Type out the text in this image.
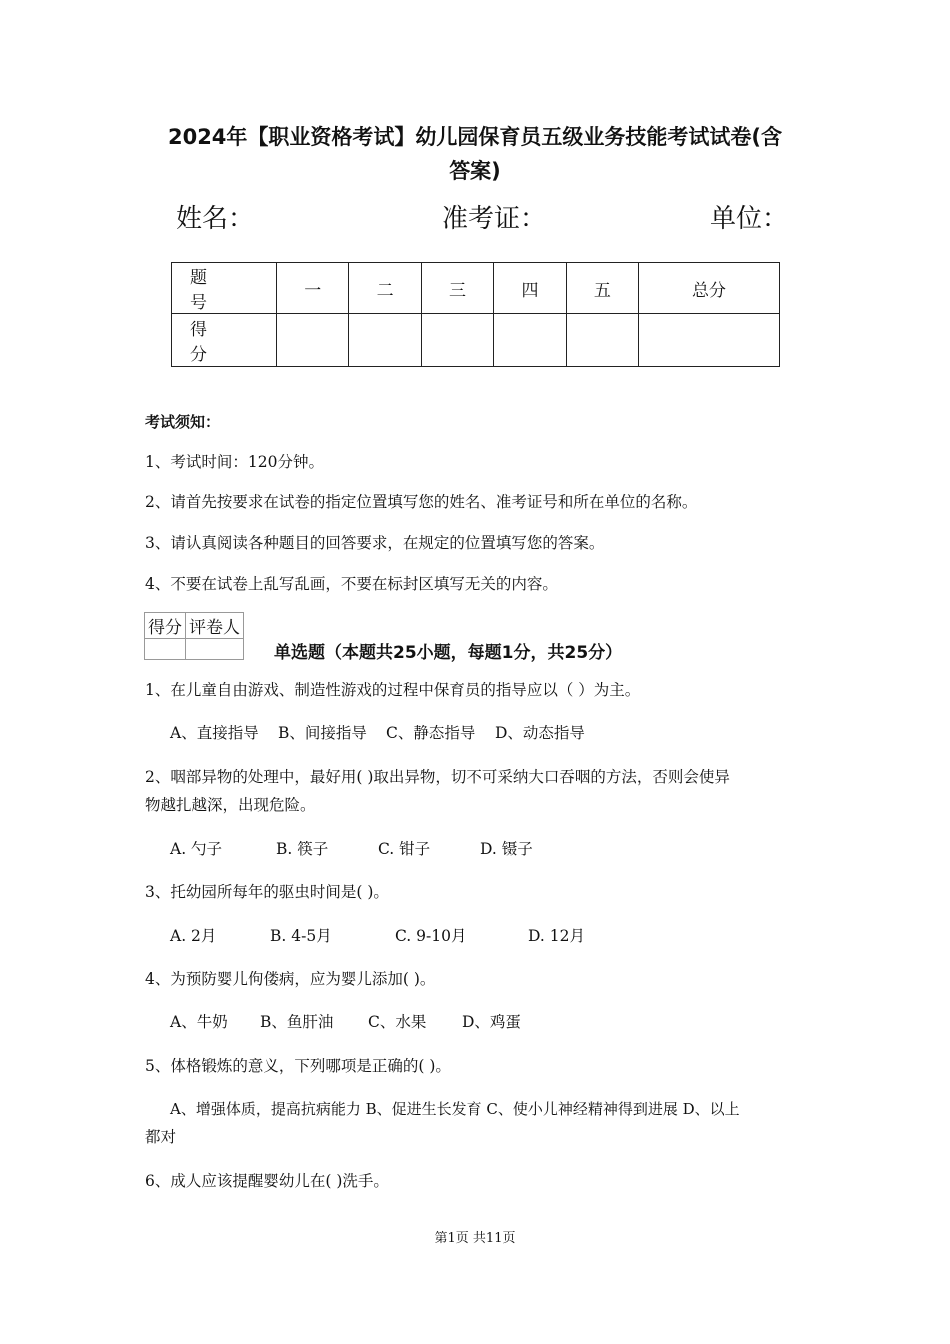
2024年【职业资格考试】幼儿园保育员五级业务技能考试试卷(含
答案)
姓名：	准考证：	单位：
题 号	一	二	三	四	五	总分
得 分						
考试须知：
1、考试时间：120分钟。
2、请首先按要求在试卷的指定位置填写您的姓名、准考证号和所在单位的名称。
3、请认真阅读各种题目的回答要求，在规定的位置填写您的答案。
4、不要在试卷上乱写乱画，不要在标封区填写无关的内容。
得分	评卷人

单选题（本题共25小题，每题1分，共25分）
1、在儿童自由游戏、制造性游戏的过程中保育员的指导应以（ ）为主。
A、直接指导 B、间接指导 C、静态指导 D、动态指导
2、咽部异物的处理中，最好用( )取出异物，切不可采纳大口吞咽的方法，否则会使异
物越扎越深，出现危险。
A. 勺子	B. 筷子	C. 钳子	D. 镊子
3、托幼园所每年的驱虫时间是( )。
A. 2月	B. 4-5月	C. 9-10月	D. 12月
4、为预防婴儿佝偻病，应为婴儿添加( )。
A、牛奶 B、鱼肝油 C、水果 D、鸡蛋
5、体格锻炼的意义，下列哪项是正确的( )。
A、增强体质，提高抗病能力 B、促进生长发育 C、使小儿神经精神得到进展 D、以上
都对
6、成人应该提醒婴幼儿在( )洗手。
第1页 共11页
